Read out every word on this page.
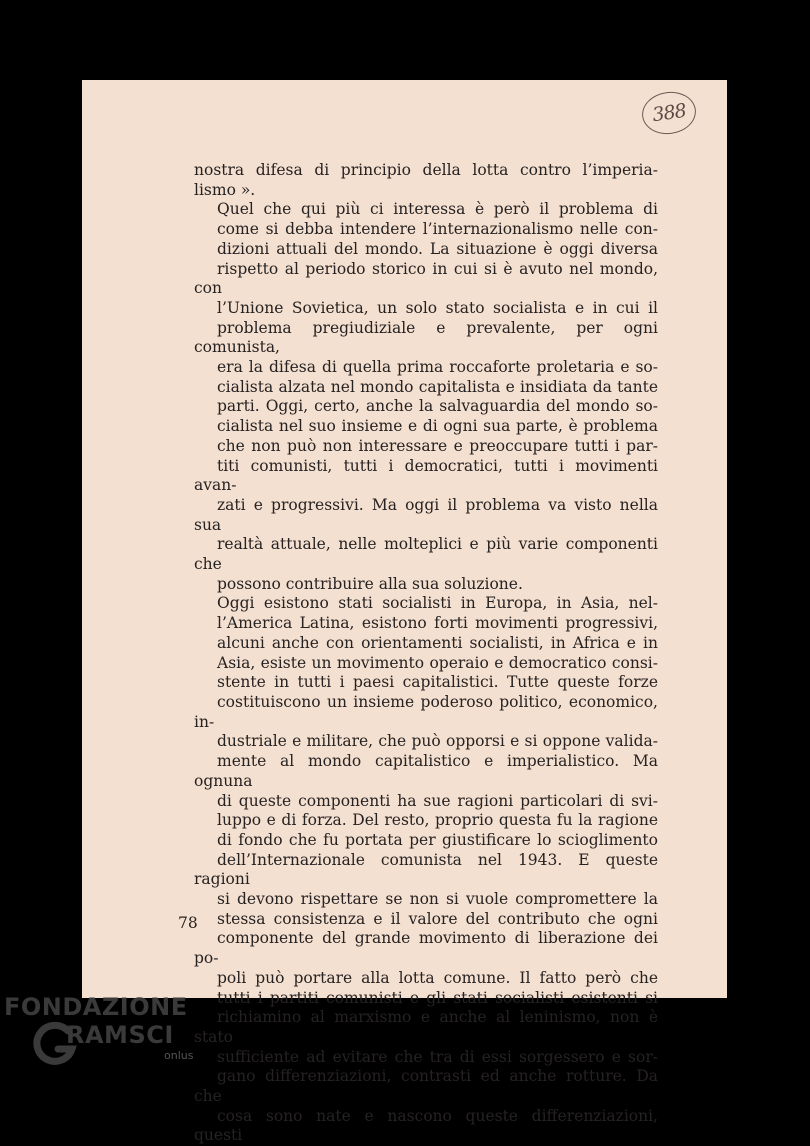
388

nostra difesa di principio della lotta contro l’imperia-
lismo ».

Quel che qui più ci interessa è però il problema di
come si debba intendere l’internazionalismo nelle con-
dizioni attuali del mondo. La situazione è oggi diversa
rispetto al periodo storico in cui si è avuto nel mondo, con
l’Unione Sovietica, un solo stato socialista e in cui il
problema pregiudiziale e prevalente, per ogni comunista,
era la difesa di quella prima roccaforte proletaria e so-
cialista alzata nel mondo capitalista e insidiata da tante
parti. Oggi, certo, anche la salvaguardia del mondo so-
cialista nel suo insieme e di ogni sua parte, è problema
che non può non interessare e preoccupare tutti i par-
titi comunisti, tutti i democratici, tutti i movimenti avan-
zati e progressivi. Ma oggi il problema va visto nella sua
realtà attuale, nelle molteplici e più varie componenti che
possono contribuire alla sua soluzione.

Oggi esistono stati socialisti in Europa, in Asia, nel-
l’America Latina, esistono forti movimenti progressivi,
alcuni anche con orientamenti socialisti, in Africa e in
Asia, esiste un movimento operaio e democratico consi-
stente in tutti i paesi capitalistici. Tutte queste forze
costituiscono un insieme poderoso politico, economico, in-
dustriale e militare, che può opporsi e si oppone valida-
mente al mondo capitalistico e imperialistico. Ma ognuna
di queste componenti ha sue ragioni particolari di svi-
luppo e di forza. Del resto, proprio questa fu la ragione
di fondo che fu portata per giustificare lo scioglimento
dell’Internazionale comunista nel 1943. E queste ragioni
si devono rispettare se non si vuole compromettere la
stessa consistenza e il valore del contributo che ogni
componente del grande movimento di liberazione dei po-
poli può portare alla lotta comune. Il fatto però che
tutti i partiti comunisti e gli stati socialisti esistenti si
richiamino al marxismo e anche al leninismo, non è stato
sufficiente ad evitare che tra di essi sorgessero e sor-
gano differenziazioni, contrasti ed anche rotture. Da che
cosa sono nate e nascono queste differenziazioni, questi

78
FONDAZIONE
RAMSCI
onlus
